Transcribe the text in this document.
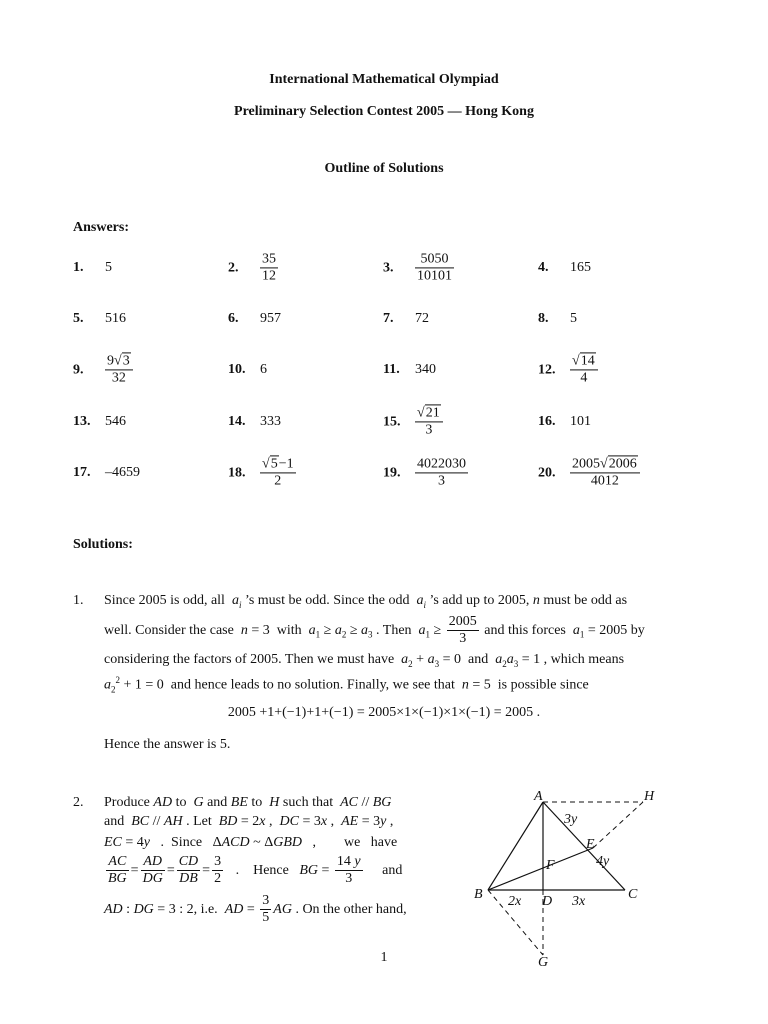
International Mathematical Olympiad
Preliminary Selection Contest 2005 — Hong Kong
Outline of Solutions
Answers:
1.	5	2.	$\frac{35}{12}$	3.	$\frac{5050}{10101}$	4.	165
5.	516	6.	957	7.	72	8.	5
9.	$\frac{9√3}{32}$	10.	6	11.	340	12.	$\frac{√14}{4}$
13.	546	14.	333	15.	$\frac{√21}{3}$	16.	101
17.	–4659	18.	$\frac{√5-1}{2}$	19.	$\frac{4022030}{3}$	20.	$\frac{2005√2006}{4012}$
Solutions:
1. Since 2005 is odd, all  $a_i$ ’s must be odd. Since the odd  $a_i$ ’s add up to 2005, n must be odd as
well. Consider the case  n = 3  with  $a_1 \ge a_2 \ge a_3$ . Then  $a_1 \ge \frac{2005}{3}$ and this forces  $a_1 = 2005$ by
considering the factors of 2005. Then we must have  $a_2 + a_3 = 0$  and  $a_2a_3 = 1$ , which means
$a_2^2 + 1 = 0$  and hence leads to no solution. Finally, we see that  n = 5  is possible since
2005 +1+(−1)+1+(−1) = 2005×1×(−1)×1×(−1) = 2005 .
Hence the answer is 5.
2. Produce AD to  G and BE to  H such that  AC // BG
and  BC // AH . Let  BD = 2x ,  DC = 3x ,  AE = 3y ,
EC = 4y   .  Since   ΔACD ~ ΔGBD   ,        we   have
$\frac{AC}{BG} = \frac{AD}{DG} = \frac{CD}{DB} = \frac{3}{2}$ .    Hence   BG = $\frac{14 y}{3}$ and
AD : DG = 3 : 2, i.e.  AD = $\frac{3}{5}$ AG . On the other hand,
A	H
B	C
D
E
F
G
3y
4y
2x	3x
1
